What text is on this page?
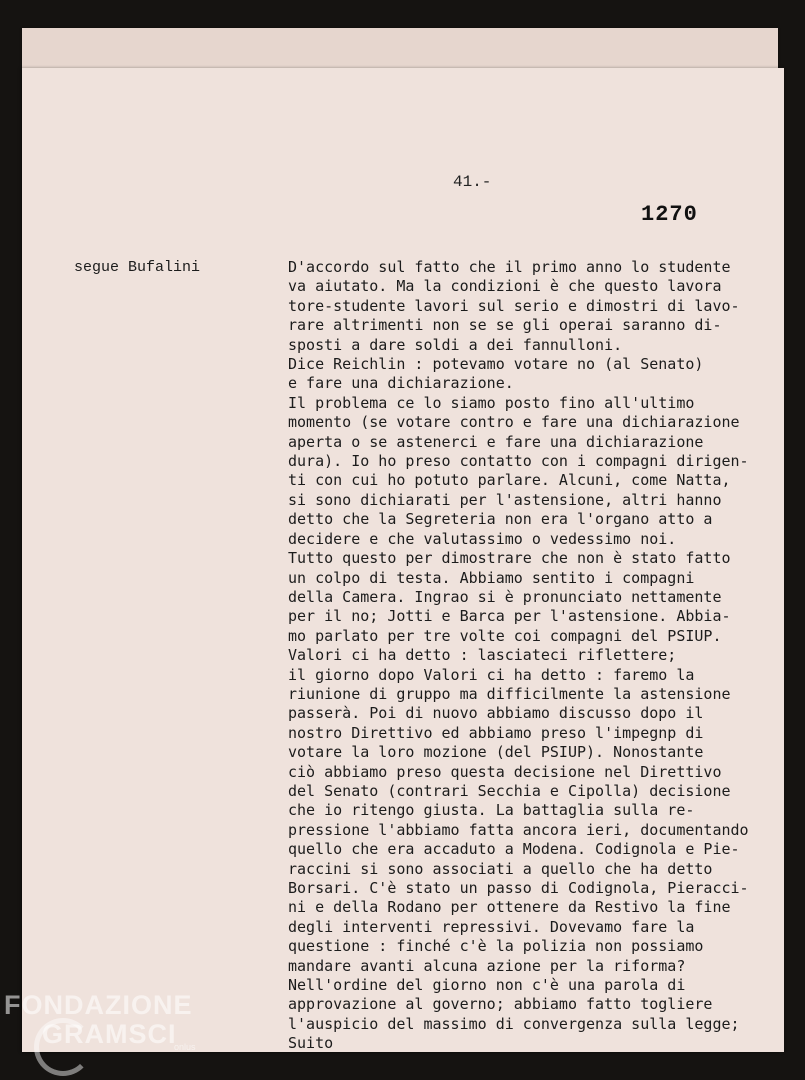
41.-
1270
segue Bufalini	D'accordo sul fatto che il primo anno lo studente
va aiutato. Ma la condizioni è che questo lavora
tore-studente lavori sul serio e dimostri di lavo-
rare altrimenti non se se gli operai saranno di-
sposti a dare soldi a dei fannulloni.
Dice Reichlin : potevamo votare no (al Senato)
e fare una dichiarazione.
Il problema ce lo siamo posto fino all'ultimo
momento (se votare contro e fare una dichiarazione
aperta o se astenerci e fare una dichiarazione
dura). Io ho preso contatto con i compagni dirigen-
ti con cui ho potuto parlare. Alcuni, come Natta,
si sono dichiarati per l'astensione, altri hanno
detto che la Segreteria non era l'organo atto a
decidere e che valutassimo o vedessimo noi.
Tutto questo per dimostrare che non è stato fatto
un colpo di testa. Abbiamo sentito i compagni
della Camera. Ingrao si è pronunciato nettamente
per il no; Jotti e Barca per l'astensione. Abbia-
mo parlato per tre volte coi compagni del PSIUP.
Valori ci ha detto : lasciateci riflettere;
il giorno dopo Valori ci ha detto : faremo la
riunione di gruppo ma difficilmente la astensione
passerà. Poi di nuovo abbiamo discusso dopo il
nostro Direttivo ed abbiamo preso l'impegnp di
votare la loro mozione (del PSIUP). Nonostante
ciò abbiamo preso questa decisione nel Direttivo
del Senato (contrari Secchia e Cipolla) decisione
che io ritengo giusta. La battaglia sulla re-
pressione l'abbiamo fatta ancora ieri, documentando
quello che era accaduto a Modena. Codignola e Pie-
raccini si sono associati a quello che ha detto
Borsari. C'è stato un passo di Codignola, Pieracci-
ni e della Rodano per ottenere da Restivo la fine
degli interventi repressivi. Dovevamo fare la
questione : finché c'è la polizia non possiamo
mandare avanti alcuna azione per la riforma?
Nell'ordine del giorno non c'è una parola di
approvazione al governo; abbiamo fatto togliere
l'auspicio del massimo di convergenza sulla legge;
Suito
FONDAZIONE
GRAMSCI
onlus
